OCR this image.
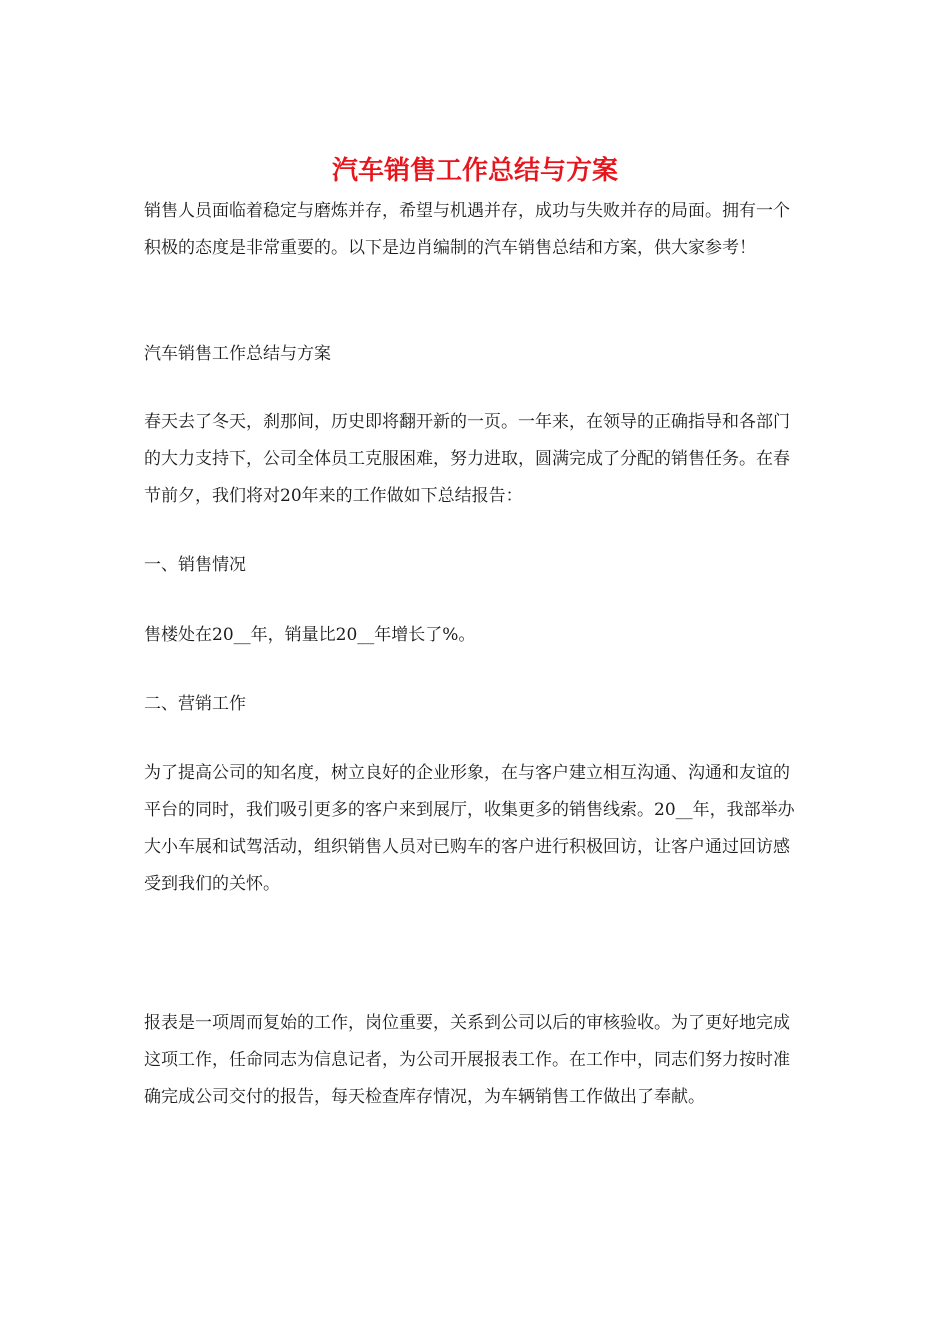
汽车销售工作总结与方案

销售人员面临着稳定与磨炼并存，希望与机遇并存，成功与失败并存的局面。拥有一个积极的态度是非常重要的。以下是边肖编制的汽车销售总结和方案，供大家参考！

汽车销售工作总结与方案

春天去了冬天，刹那间，历史即将翻开新的一页。一年来，在领导的正确指导和各部门的大力支持下，公司全体员工克服困难，努力进取，圆满完成了分配的销售任务。在春节前夕，我们将对20年来的工作做如下总结报告：

一、销售情况

售楼处在20__年，销量比20__年增长了%。

二、营销工作

为了提高公司的知名度，树立良好的企业形象，在与客户建立相互沟通、沟通和友谊的平台的同时，我们吸引更多的客户来到展厅，收集更多的销售线索。20__年，我部举办大小车展和试驾活动，组织销售人员对已购车的客户进行积极回访，让客户通过回访感受到我们的关怀。

报表是一项周而复始的工作，岗位重要，关系到公司以后的审核验收。为了更好地完成这项工作，任命同志为信息记者，为公司开展报表工作。在工作中，同志们努力按时准确完成公司交付的报告，每天检查库存情况，为车辆销售工作做出了奉献。
